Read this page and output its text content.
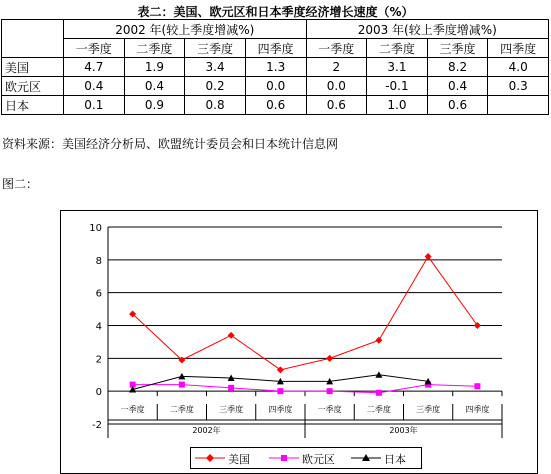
表二：美国、欧元区和日本季度经济增长速度（%）
	2002 年(较上季度增减%)				2003 年(较上季度增减%)			
	一季度	二季度	三季度	四季度	一季度	二季度	三季度	四季度
美国	4.7	1.9	3.4	1.3	2	3.1	8.2	4.0
欧元区	0.4	0.4	0.2	0.0	0.0	-0.1	0.4	0.3
日本	0.1	0.9	0.8	0.6	0.6	1.0	0.6	
资料来源：美国经济分析局、欧盟统计委员会和日本统计信息网
图二：
-2
0
2
4
6
8
10
一季度	二季度	三季度	四季度	一季度	二季度	三季度	四季度
2002年	2003年
美国	欧元区	日本
